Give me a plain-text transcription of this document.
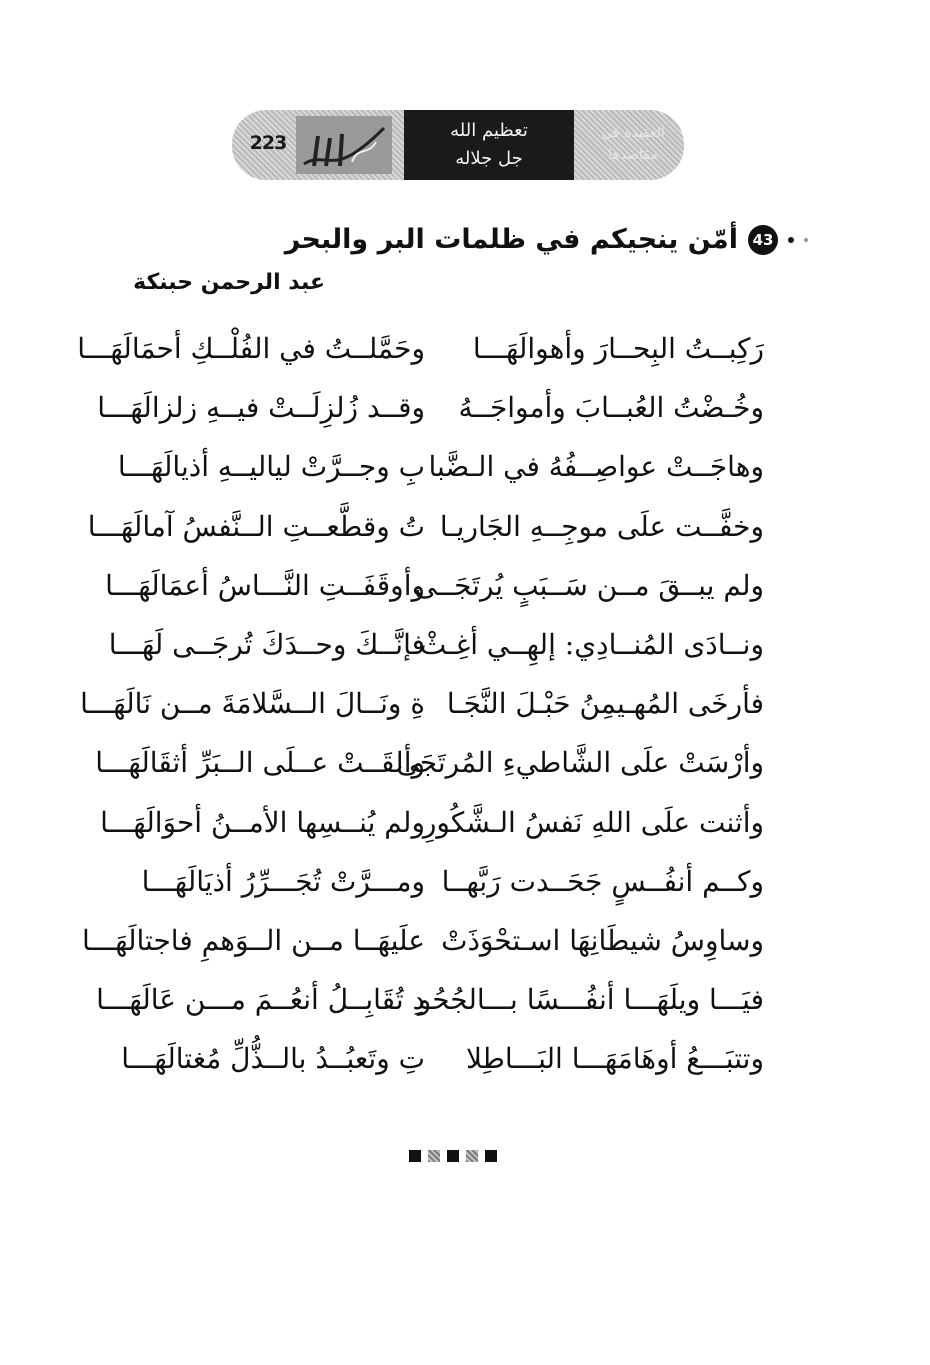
223
تعظيم الله
جل جلاله
العقيدة في
مقاصدها
43
أمّن ينجيكم في ظلمات البر والبحر
عبد الرحمن حبنكة
رَكِبــتُ البِحــارَ وأهوالَهَـــا
وحَمَّلــتُ في الفُلْــكِ أحمَالَهَـــا
وخُـضْتُ العُبــابَ وأمواجَــهُ
وقــد زُلزِلَــتْ فيــهِ زلزالَهَـــا
وهاجَــتْ عواصِــفُهُ في الـضَّبا
بِ وجــرَّتْ لياليــهِ أذيالَهَـــا
وخفَّــت علَى موجِــهِ الجَاريـا
تُ وقطَّعــتِ الــنَّفسُ آمالَهَـــا
ولم يبــقَ مــن سَــبَبٍ يُرتَجَــى
وأوقَفَــتِ النَّـــاسُ أعمَالَهَـــا
ونــادَى المُنــادِي: إلهِــي أغِـثْ
فإنَّــكَ وحــدَكَ تُرجَــى لَهَـــا
فأرخَى المُهـيمِنُ حَبْـلَ النَّجَـا
ةِ ونَــالَ الــسَّلامَةَ مــن نَالَهَـــا
وأرْسَتْ علَى الشَّاطيءِ المُرتَجَى
وألقَــتْ عــلَى الــبَرِّ أثقَالَهَـــا
وأثنت علَى اللهِ نَفسُ الـشَّكُورِ
ولم يُنــسِها الأمــنُ أحوَالَهَـــا
وكــم أنفُــسٍ جَحَــدت رَبَّهــا
ومـــرَّتْ تُجَـــرِّرُ أذيَالَهَـــا
وساوِسُ شيطَانِهَا اسـتحْوَذَتْ
علَيهَــا مــن الــوَهمِ فاجتالَهَـــا
فيَـــا ويلَهَـــا أنفُـــسًا بـــالجُحُو
دِ تُقَابِــلُ أنعُــمَ مـــن عَالَهَـــا
وتتبَـــعُ أوهَامَهَـــا البَـــاطِلا
تِ وتَعبُــدُ بالــذُّلِّ مُغتالَهَـــا
